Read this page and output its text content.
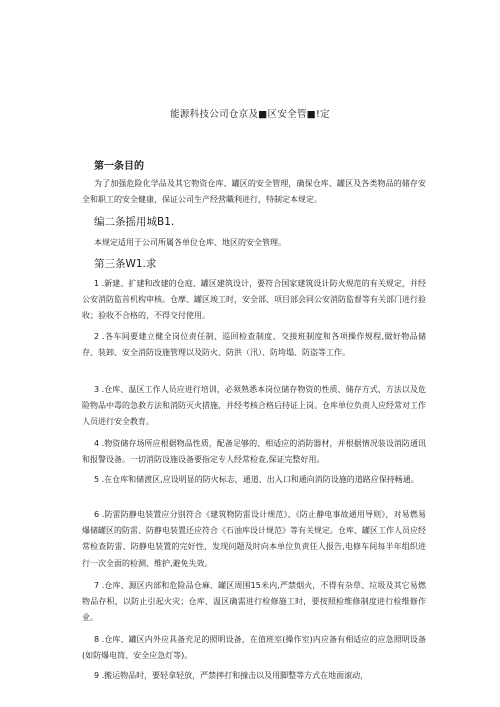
能源科技公司仓京及■区安全管■!定
第一条目的
为了加强危险化学品及其它物资仓库、罐区的安全管理，确保仓库、罐区及各类物品的储存安全和职工的安全健康，保证公司生产经营職利进行，特制定本规定。
编二条摇用城B1.
本规定适用于公司所属各单位仓库、地区的安全管理。
第三条W1.求
1 .新建、扩建和改建的仓庭、罐区建筑设计，要符合国家建筑设计防火规范的有关规定，并经公安消防监首机构审核。仓摩、罐区竣工时，安全部、项目部会同公安消防监督等有关部门进行验收；验收不合格的，不得交付使用。
2 .各车间要建立健全岗位责任制、巡回检查制度、交接班制度和各项操作规程,做好物品储存、装卸、安全消防设施管理以及防火、防洪（汛）、防垮塌、防盗等工作。
3 .仓库、温区工作人员应进行培训，必须熟悉本岗位储存物资的性质、储存方式、方法以及危险物品中毒的急救方法和消防灭火措施，并经考核合格后持证上岗。仓库单位负责人应经常对工作人员进行安全教育。
4 .物资储存场所应根据物品性质，配备足够的、相适应的消防器材，并根据情况装设消防通讯和报警设备。一切消防设施设备要指定专人经常检查,保证完整好用。
5 .在仓库和储渡区,应设明显的防火标志，通道、出入口和通向消防设施的道路应保持畅通。
6 .防雷防静电装置应分别符合《建筑物防雷设计规范》、《防止静电事故通用导则》，对易燃易爆储罐区的防雷、防静电装置还应符合《石油库设计规范》等有关规定。仓库、罐区工作人员应经常检查防雷、防静电装置的完好性，发现问题及时向本单位负责任人报告,电修车间每半年组织进行一次全面的检测、维护,避免失效。
7 .仓库、源区内部和危险品仓麻、罐区周围15米内,严禁烟火，不得有杂草、垃圾及其它易燃物品存积，以防止引起火灾；仓库、温区确需进行检修施工时，要按照检维修制度进行检维修作业。
8 .仓库、罐区内外应具备充足的照明设备，在值班室(操作室)内应备有相适应的应急照明设备(如防爆电筒、安全应急灯等)。
9 .搬运物品时，要轻拿轻放，严禁摔打和撞击以及用脚整等方式在地面滚动，
